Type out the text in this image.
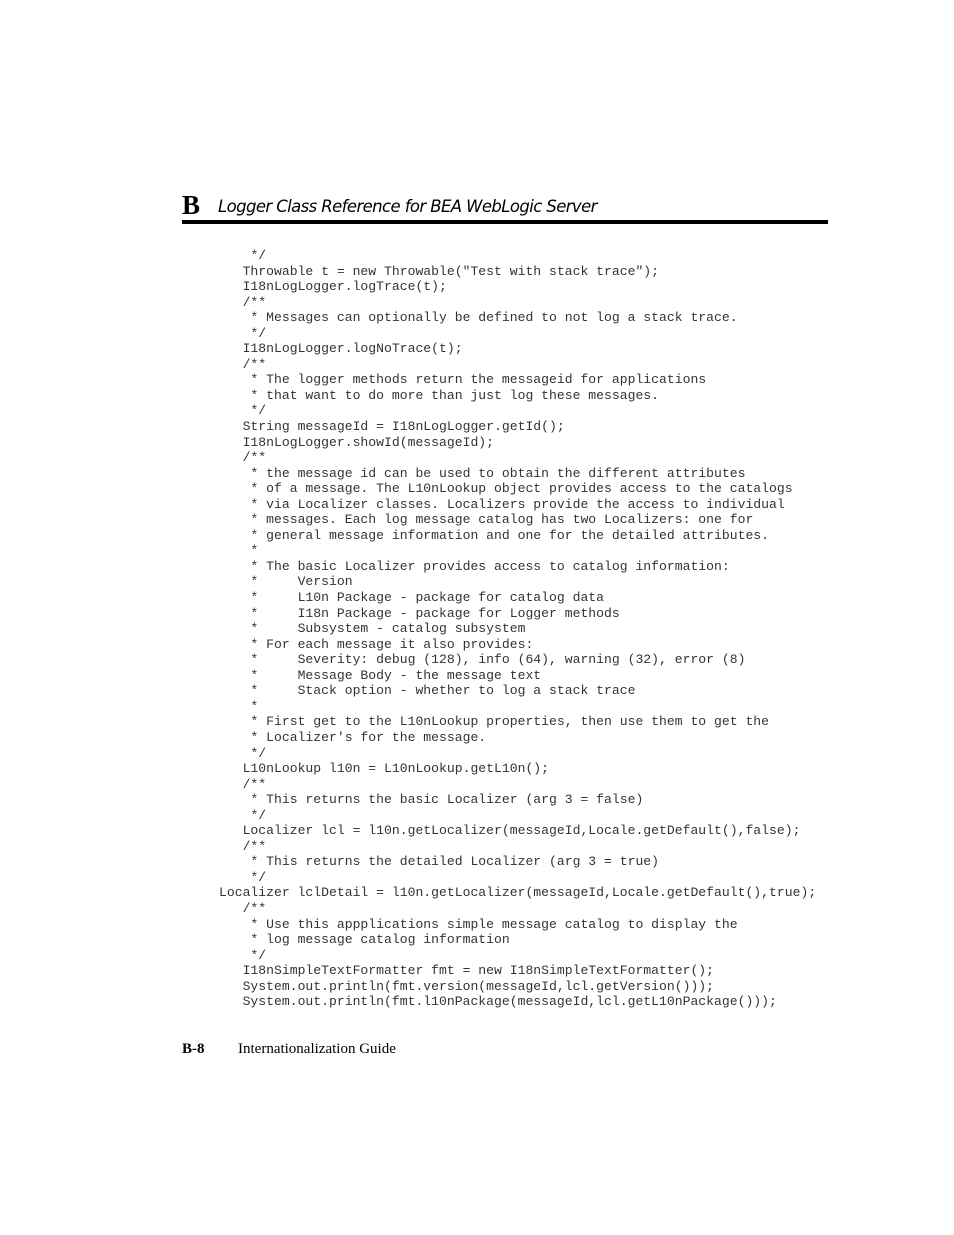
B Logger Class Reference for BEA WebLogic Server
*/
Throwable t = new Throwable("Test with stack trace");
I18nLogLogger.logTrace(t);
/**
* Messages can optionally be defined to not log a stack trace.
*/
I18nLogLogger.logNoTrace(t);
/**
* The logger methods return the messageid for applications
* that want to do more than just log these messages.
*/
String messageId = I18nLogLogger.getId();
I18nLogLogger.showId(messageId);
/**
* the message id can be used to obtain the different attributes
* of a message. The L10nLookup object provides access to the catalogs
* via Localizer classes. Localizers provide the access to individual
* messages. Each log message catalog has two Localizers: one for
* general message information and one for the detailed attributes.
*
* The basic Localizer provides access to catalog information:
*     Version
*     L10n Package - package for catalog data
*     I18n Package - package for Logger methods
*     Subsystem - catalog subsystem
* For each message it also provides:
*     Severity: debug (128), info (64), warning (32), error (8)
*     Message Body - the message text
*     Stack option - whether to log a stack trace
*
* First get to the L10nLookup properties, then use them to get the
* Localizer's for the message.
*/
L10nLookup l10n = L10nLookup.getL10n();
/**
* This returns the basic Localizer (arg 3 = false)
*/
Localizer lcl = l10n.getLocalizer(messageId,Locale.getDefault(),false);
/**
* This returns the detailed Localizer (arg 3 = true)
*/
Localizer lclDetail = l10n.getLocalizer(messageId,Locale.getDefault(),true);
/**
* Use this appplications simple message catalog to display the
* log message catalog information
*/
I18nSimpleTextFormatter fmt = new I18nSimpleTextFormatter();
System.out.println(fmt.version(messageId,lcl.getVersion()));
System.out.println(fmt.l10nPackage(messageId,lcl.getL10nPackage()));
B-8 Internationalization Guide
